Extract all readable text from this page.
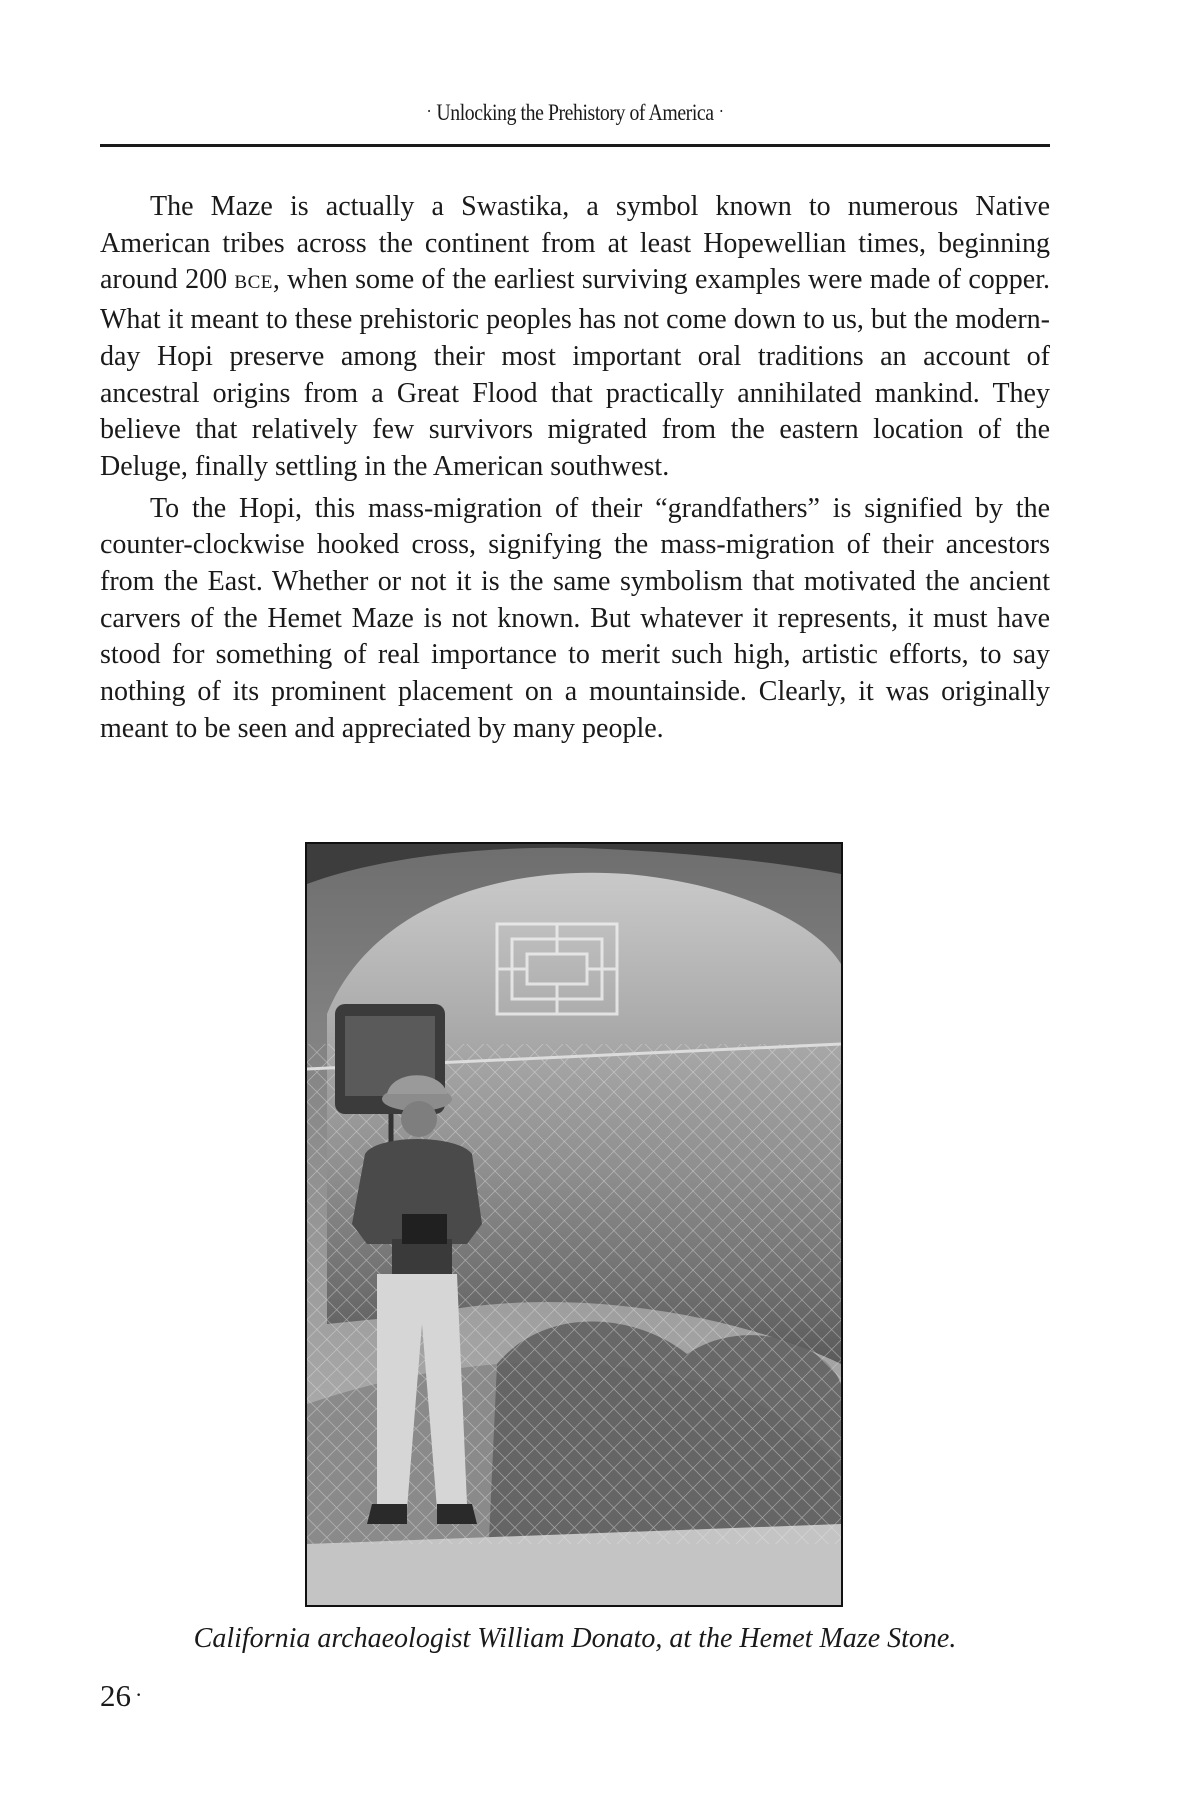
· Unlocking the Prehistory of America ·

The Maze is actually a Swastika, a symbol known to numerous Native American tribes across the continent from at least Hopewellian times, beginning around 200 BCE, when some of the earliest surviving examples were made of copper. What it meant to these prehistoric peoples has not come down to us, but the modern-day Hopi preserve among their most important oral traditions an account of ancestral origins from a Great Flood that practically annihilated mankind. They believe that relatively few survivors migrated from the eastern location of the Deluge, finally settling in the American southwest.

To the Hopi, this mass-migration of their “grandfathers” is signified by the counter-clockwise hooked cross, signifying the mass-migration of their ancestors from the East. Whether or not it is the same symbolism that motivated the ancient carvers of the Hemet Maze is not known. But whatever it represents, it must have stood for something of real importance to merit such high, artistic efforts, to say nothing of its prominent placement on a mountainside. Clearly, it was originally meant to be seen and appreciated by many people.

California archaeologist William Donato, at the Hemet Maze Stone.
26 ·
